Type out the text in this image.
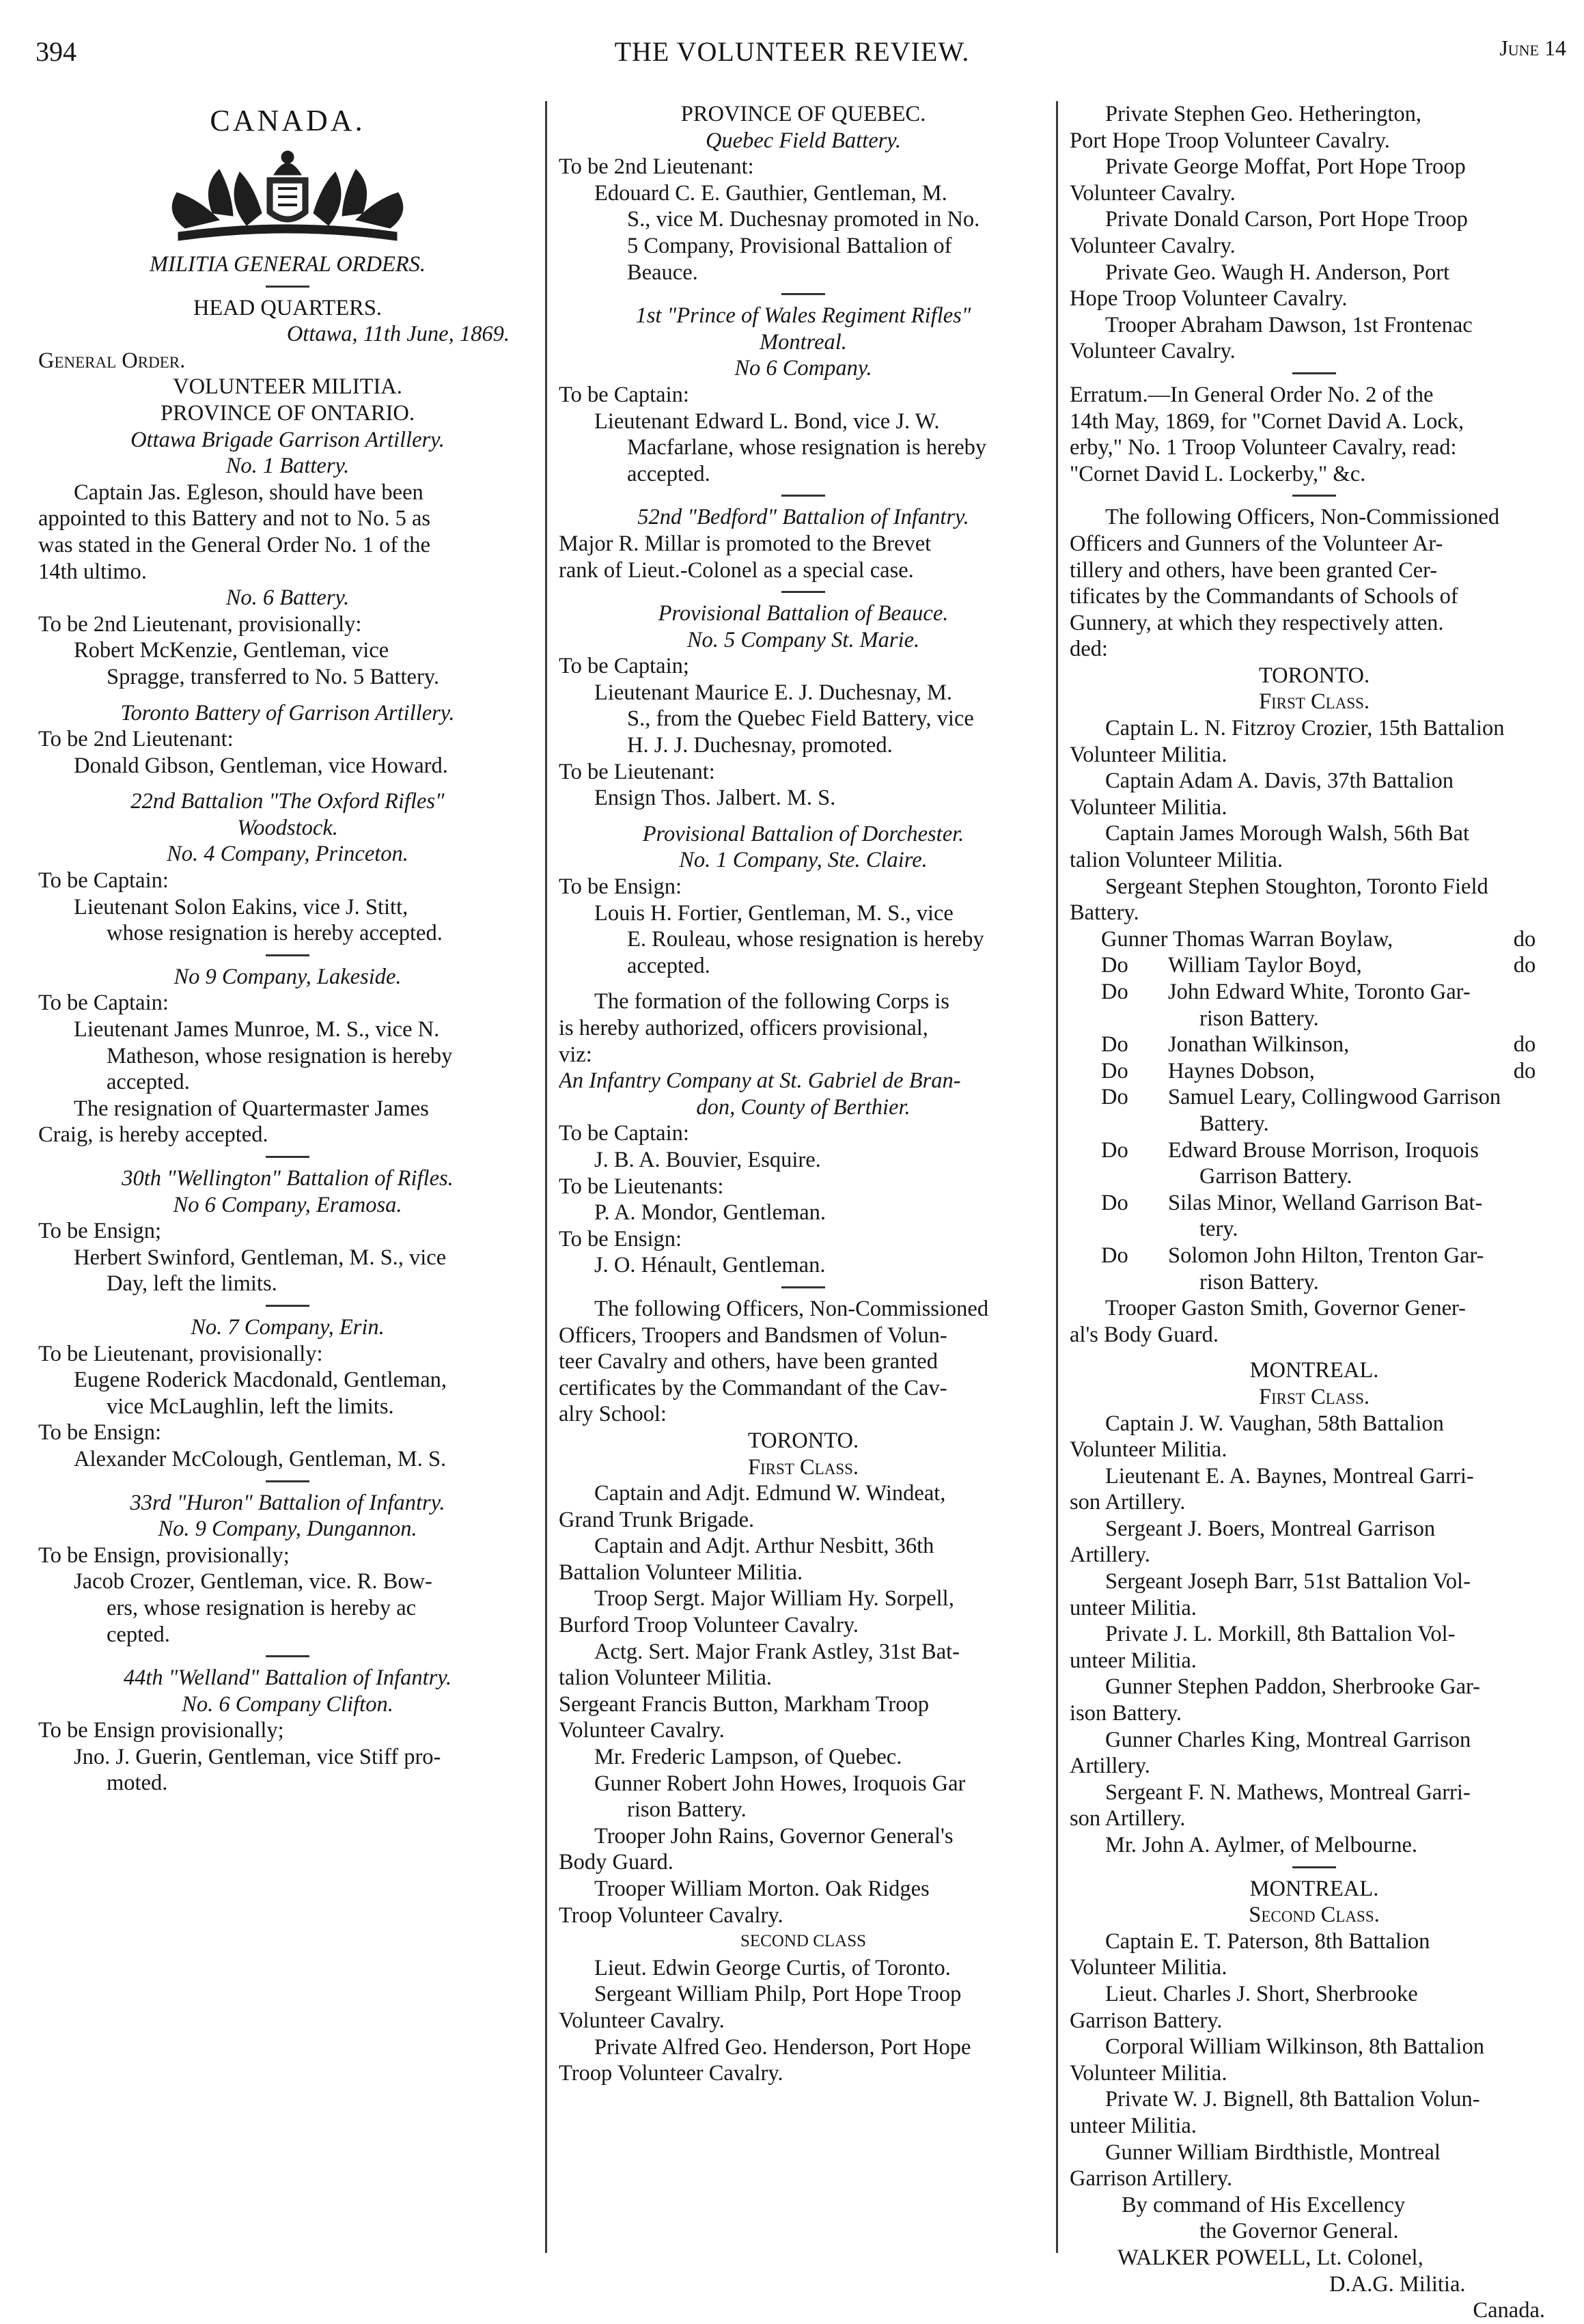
394	THE VOLUNTEER REVIEW.	June 14
CANADA.
MILITIA GENERAL ORDERS.
HEAD QUARTERS.
Ottawa, 11th June, 1869.
General Order.
VOLUNTEER MILITIA.
PROVINCE OF ONTARIO.
Ottawa Brigade Garrison Artillery.
No. 1 Battery.
Captain Jas. Egleson, should have been
appointed to this Battery and not to No. 5 as
was stated in the General Order No. 1 of the
14th ultimo.
No. 6 Battery.
To be 2nd Lieutenant, provisionally:
Robert McKenzie, Gentleman, vice
Spragge, transferred to No. 5 Battery.
Toronto Battery of Garrison Artillery.
To be 2nd Lieutenant:
Donald Gibson, Gentleman, vice Howard.
22nd Battalion "The Oxford Rifles"
Woodstock.
No. 4 Company, Princeton.
To be Captain:
Lieutenant Solon Eakins, vice J. Stitt,
whose resignation is hereby accepted.
No 9 Company, Lakeside.
To be Captain:
Lieutenant James Munroe, M. S., vice N.
Matheson, whose resignation is hereby
accepted.
The resignation of Quartermaster James
Craig, is hereby accepted.
30th "Wellington" Battalion of Rifles.
No 6 Company, Eramosa.
To be Ensign;
Herbert Swinford, Gentleman, M. S., vice
Day, left the limits.
No. 7 Company, Erin.
To be Lieutenant, provisionally:
Eugene Roderick Macdonald, Gentleman,
vice McLaughlin, left the limits.
To be Ensign:
Alexander McColough, Gentleman, M. S.
33rd "Huron" Battalion of Infantry.
No. 9 Company, Dungannon.
To be Ensign, provisionally;
Jacob Crozer, Gentleman, vice. R. Bow-
ers, whose resignation is hereby ac
cepted.
44th "Welland" Battalion of Infantry.
No. 6 Company Clifton.
To be Ensign provisionally;
Jno. J. Guerin, Gentleman, vice Stiff pro-
moted.
PROVINCE OF QUEBEC.
Quebec Field Battery.
To be 2nd Lieutenant:
Edouard C. E. Gauthier, Gentleman, M.
S., vice M. Duchesnay promoted in No.
5 Company, Provisional Battalion of
Beauce.
1st "Prince of Wales Regiment Rifles"
Montreal.
No 6 Company.
To be Captain:
Lieutenant Edward L. Bond, vice J. W.
Macfarlane, whose resignation is hereby
accepted.
52nd "Bedford" Battalion of Infantry.
Major R. Millar is promoted to the Brevet
rank of Lieut.-Colonel as a special case.
Provisional Battalion of Beauce.
No. 5 Company St. Marie.
To be Captain;
Lieutenant Maurice E. J. Duchesnay, M.
S., from the Quebec Field Battery, vice
H. J. J. Duchesnay, promoted.
To be Lieutenant:
Ensign Thos. Jalbert. M. S.
Provisional Battalion of Dorchester.
No. 1 Company, Ste. Claire.
To be Ensign:
Louis H. Fortier, Gentleman, M. S., vice
E. Rouleau, whose resignation is hereby
accepted.
The formation of the following Corps is
is hereby authorized, officers provisional,
viz:
An Infantry Company at St. Gabriel de Bran-
don, County of Berthier.
To be Captain:
J. B. A. Bouvier, Esquire.
To be Lieutenants:
P. A. Mondor, Gentleman.
To be Ensign:
J. O. Hénault, Gentleman.
The following Officers, Non-Commissioned
Officers, Troopers and Bandsmen of Volun-
teer Cavalry and others, have been granted
certificates by the Commandant of the Cav-
alry School:
TORONTO.
First Class.
Captain and Adjt. Edmund W. Windeat,
Grand Trunk Brigade.
Captain and Adjt. Arthur Nesbitt, 36th
Battalion Volunteer Militia.
Troop Sergt. Major William Hy. Sorpell,
Burford Troop Volunteer Cavalry.
Actg. Sert. Major Frank Astley, 31st Bat-
talion Volunteer Militia.
Sergeant Francis Button, Markham Troop
Volunteer Cavalry.
Mr. Frederic Lampson, of Quebec.
Gunner Robert John Howes, Iroquois Gar
rison Battery.
Trooper John Rains, Governor General's
Body Guard.
Trooper William Morton. Oak Ridges
Troop Volunteer Cavalry.
SECOND CLASS
Lieut. Edwin George Curtis, of Toronto.
Sergeant William Philp, Port Hope Troop
Volunteer Cavalry.
Private Alfred Geo. Henderson, Port Hope
Troop Volunteer Cavalry.
Private Stephen Geo. Hetherington,
Port Hope Troop Volunteer Cavalry.
Private George Moffat, Port Hope Troop
Volunteer Cavalry.
Private Donald Carson, Port Hope Troop
Volunteer Cavalry.
Private Geo. Waugh H. Anderson, Port
Hope Troop Volunteer Cavalry.
Trooper Abraham Dawson, 1st Frontenac
Volunteer Cavalry.
Erratum.—In General Order No. 2 of the
14th May, 1869, for "Cornet David A. Lock,
erby," No. 1 Troop Volunteer Cavalry, read:
"Cornet David L. Lockerby," &c.
The following Officers, Non-Commissioned
Officers and Gunners of the Volunteer Ar-
tillery and others, have been granted Cer-
tificates by the Commandants of Schools of
Gunnery, at which they respectively atten.
ded:
TORONTO.
First Class.
Captain L. N. Fitzroy Crozier, 15th Battalion
Volunteer Militia.
Captain Adam A. Davis, 37th Battalion
Volunteer Militia.
Captain James Morough Walsh, 56th Bat
talion Volunteer Militia.
Sergeant Stephen Stoughton, Toronto Field
Battery.
Gunner Thomas Warran Boylaw,	do
Do	William Taylor Boyd,	do
Do	John Edward White, Toronto Gar-
rison Battery.
Do	Jonathan Wilkinson,	do
Do	Haynes Dobson,	do
Do	Samuel Leary, Collingwood Garrison
Battery.
Do	Edward Brouse Morrison, Iroquois
Garrison Battery.
Do	Silas Minor, Welland Garrison Bat-
tery.
Do	Solomon John Hilton, Trenton Gar-
rison Battery.
Trooper Gaston Smith, Governor Gener-
al's Body Guard.
MONTREAL.
First Class.
Captain J. W. Vaughan, 58th Battalion
Volunteer Militia.
Lieutenant E. A. Baynes, Montreal Garri-
son Artillery.
Sergeant J. Boers, Montreal Garrison
Artillery.
Sergeant Joseph Barr, 51st Battalion Vol-
unteer Militia.
Private J. L. Morkill, 8th Battalion Vol-
unteer Militia.
Gunner Stephen Paddon, Sherbrooke Gar-
ison Battery.
Gunner Charles King, Montreal Garrison
Artillery.
Sergeant F. N. Mathews, Montreal Garri-
son Artillery.
Mr. John A. Aylmer, of Melbourne.
MONTREAL.
Second Class.
Captain E. T. Paterson, 8th Battalion
Volunteer Militia.
Lieut. Charles J. Short, Sherbrooke
Garrison Battery.
Corporal William Wilkinson, 8th Battalion
Volunteer Militia.
Private W. J. Bignell, 8th Battalion Volun-
unteer Militia.
Gunner William Birdthistle, Montreal
Garrison Artillery.
By command of His Excellency
the Governor General.
WALKER POWELL, Lt. Colonel,
D.A.G. Militia.
Canada.
